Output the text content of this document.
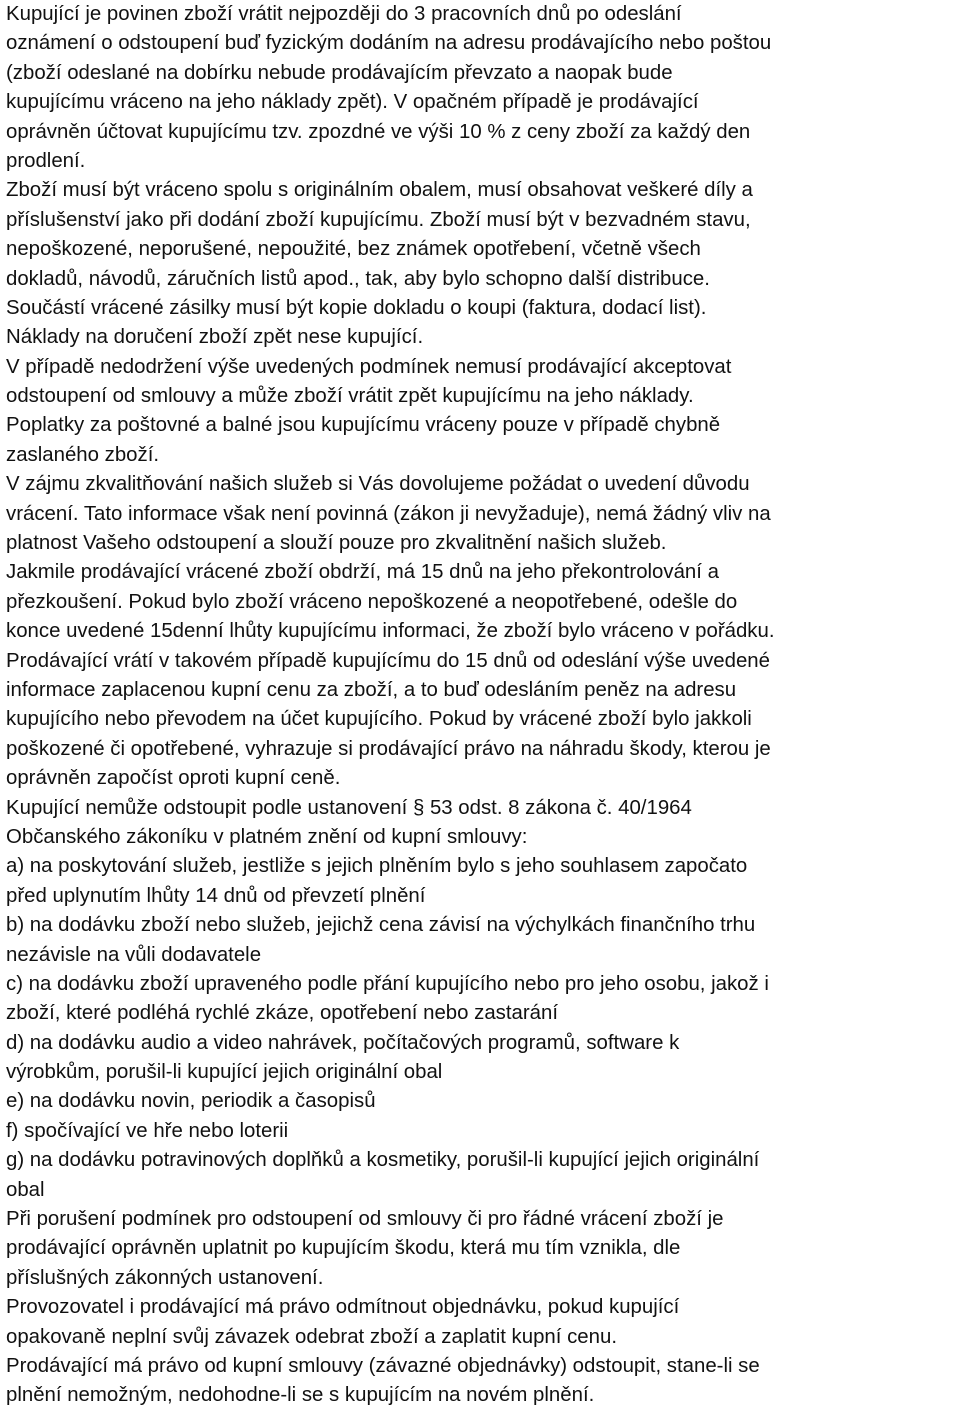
Kupující je povinen zboží vrátit nejpozději do 3 pracovních dnů po odeslání
oznámení o odstoupení buď fyzickým dodáním na adresu prodávajícího nebo poštou
(zboží odeslané na dobírku nebude prodávajícím převzato a naopak bude
kupujícímu vráceno na jeho náklady zpět). V opačném případě je prodávající
oprávněn účtovat kupujícímu tzv. zpozdné ve výši 10 % z ceny zboží za každý den
prodlení.
Zboží musí být vráceno spolu s originálním obalem, musí obsahovat veškeré díly a
příslušenství jako při dodání zboží kupujícímu. Zboží musí být v bezvadném stavu,
nepoškozené, neporušené, nepoužité, bez známek opotřebení, včetně všech
dokladů, návodů, záručních listů apod., tak, aby bylo schopno další distribuce.
Součástí vrácené zásilky musí být kopie dokladu o koupi (faktura, dodací list).
Náklady na doručení zboží zpět nese kupující.
V případě nedodržení výše uvedených podmínek nemusí prodávající akceptovat
odstoupení od smlouvy a může zboží vrátit zpět kupujícímu na jeho náklady.
Poplatky za poštovné a balné jsou kupujícímu vráceny pouze v případě chybně
zaslaného zboží.
V zájmu zkvalitňování našich služeb si Vás dovolujeme požádat o uvedení důvodu
vrácení. Tato informace však není povinná (zákon ji nevyžaduje), nemá žádný vliv na
platnost Vašeho odstoupení a slouží pouze pro zkvalitnění našich služeb.
Jakmile prodávající vrácené zboží obdrží, má 15 dnů na jeho překontrolování a
přezkoušení. Pokud bylo zboží vráceno nepoškozené a neopotřebené, odešle do
konce uvedené 15denní lhůty kupujícímu informaci, že zboží bylo vráceno v pořádku.
Prodávající vrátí v takovém případě kupujícímu do 15 dnů od odeslání výše uvedené
informace zaplacenou kupní cenu za zboží, a to buď odesláním peněz na adresu
kupujícího nebo převodem na účet kupujícího. Pokud by vrácené zboží bylo jakkoli
poškozené či opotřebené, vyhrazuje si prodávající právo na náhradu škody, kterou je
oprávněn započíst oproti kupní ceně.
Kupující nemůže odstoupit podle ustanovení § 53 odst. 8 zákona č. 40/1964
Občanského zákoníku v platném znění od kupní smlouvy:
a) na poskytování služeb, jestliže s jejich plněním bylo s jeho souhlasem započato
před uplynutím lhůty 14 dnů od převzetí plnění
b) na dodávku zboží nebo služeb, jejichž cena závisí na výchylkách finančního trhu
nezávisle na vůli dodavatele
c) na dodávku zboží upraveného podle přání kupujícího nebo pro jeho osobu, jakož i
zboží, které podléhá rychlé zkáze, opotřebení nebo zastarání
d) na dodávku audio a video nahrávek, počítačových programů, software k
výrobkům, porušil-li kupující jejich originální obal
e) na dodávku novin, periodik a časopisů
f) spočívající ve hře nebo loterii
g) na dodávku potravinových doplňků a kosmetiky, porušil-li kupující jejich originální
obal
Při porušení podmínek pro odstoupení od smlouvy či pro řádné vrácení zboží je
prodávající oprávněn uplatnit po kupujícím škodu, která mu tím vznikla, dle
příslušných zákonných ustanovení.
Provozovatel i prodávající má právo odmítnout objednávku, pokud kupující
opakovaně neplní svůj závazek odebrat zboží a zaplatit kupní cenu.
Prodávající má právo od kupní smlouvy (závazné objednávky) odstoupit, stane-li se
plnění nemožným, nedohodne-li se s kupujícím na novém plnění.
